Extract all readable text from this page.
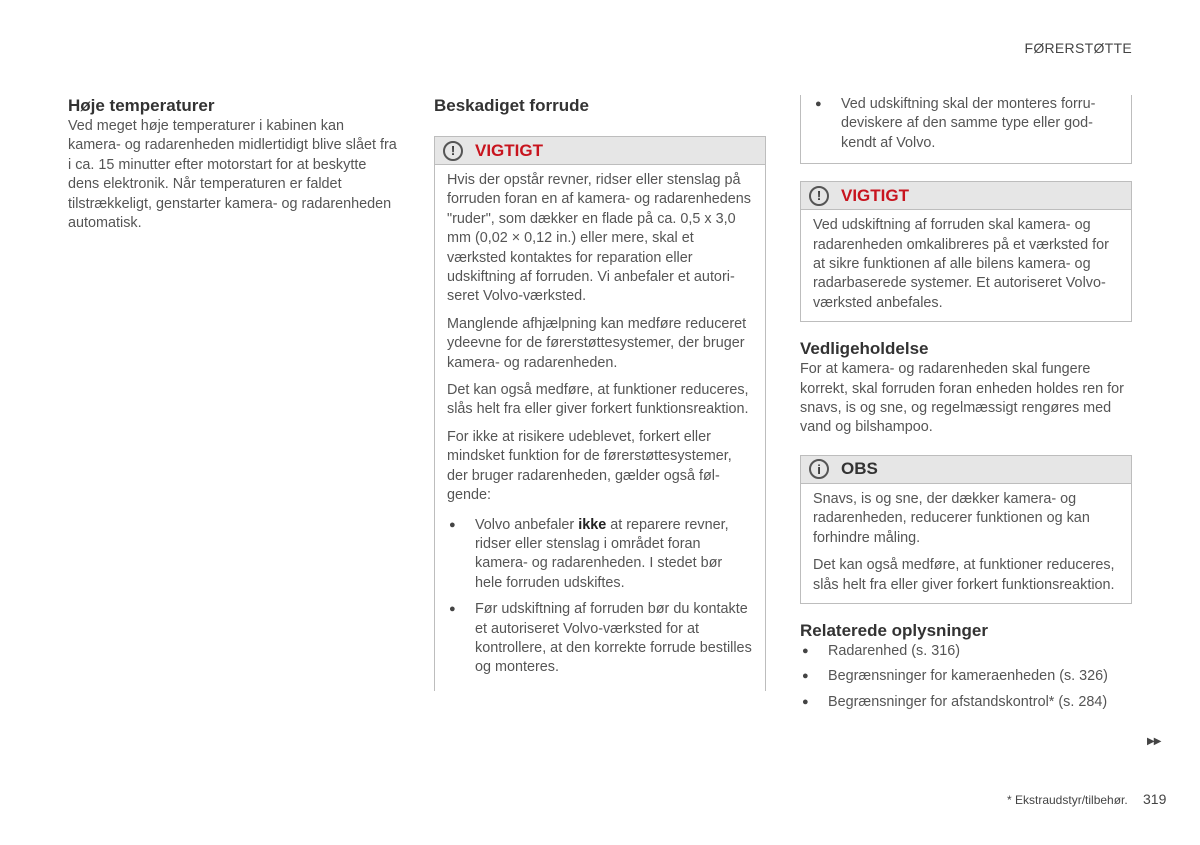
FØRERSTØTTE
Høje temperaturer
Ved meget høje temperaturer i kabinen kan kamera- og radarenheden midlertidigt blive slået fra i ca. 15 minutter efter motorstart for at beskytte dens elektronik. Når temperaturen er faldet tilstrækkeligt, genstarter kamera- og radarenheden automatisk.
Beskadiget forrude
!	VIGTIGT

Hvis der opstår revner, ridser eller stenslag på forruden foran en af kamera- og radarenhedens "ruder", som dækker en flade på ca. 0,5 x 3,0 mm (0,02 × 0,12 in.) eller mere, skal et værksted kontaktes for reparation eller udskiftning af forruden. Vi anbefaler et autoriseret Volvo-værksted.

Manglende afhjælpning kan medføre reduceret ydeevne for de førerstøttesystemer, der bruger kamera- og radarenheden.

Det kan også medføre, at funktioner reduceres, slås helt fra eller giver forkert funktionsreaktion.

For ikke at risikere udeblevet, forkert eller mindsket funktion for de førerstøttesystemer, der bruger radarenheden, gælder også følgende:

● Volvo anbefaler ikke at reparere revner, ridser eller stenslag i området foran kamera- og radarenheden. I stedet bør hele forruden udskiftes.
● Før udskiftning af forruden bør du kontakte et autoriseret Volvo-værksted for at kontrollere, at den korrekte forrude bestilles og monteres.
● Ved udskiftning skal der monteres forrudeviskere af den samme type eller godkendt af Volvo.
!	VIGTIGT

Ved udskiftning af forruden skal kamera- og radarenheden omkalibreres på et værksted for at sikre funktionen af alle bilens kamera- og radarbaserede systemer. Et autoriseret Volvo-værksted anbefales.

Vedligeholdelse
For at kamera- og radarenheden skal fungere korrekt, skal forruden foran enheden holdes ren for snavs, is og sne, og regelmæssigt rengøres med vand og bilshampoo.
i	OBS

Snavs, is og sne, der dækker kamera- og radarenheden, reducerer funktionen og kan forhindre måling.

Det kan også medføre, at funktioner reduceres, slås helt fra eller giver forkert funktionsreaktion.

Relaterede oplysninger
● Radarenhed (s. 316)
● Begrænsninger for kameraenheden (s. 326)
● Begrænsninger for afstandskontrol* (s. 284)
▶▶
* Ekstraudstyr/tilbehør. 319
